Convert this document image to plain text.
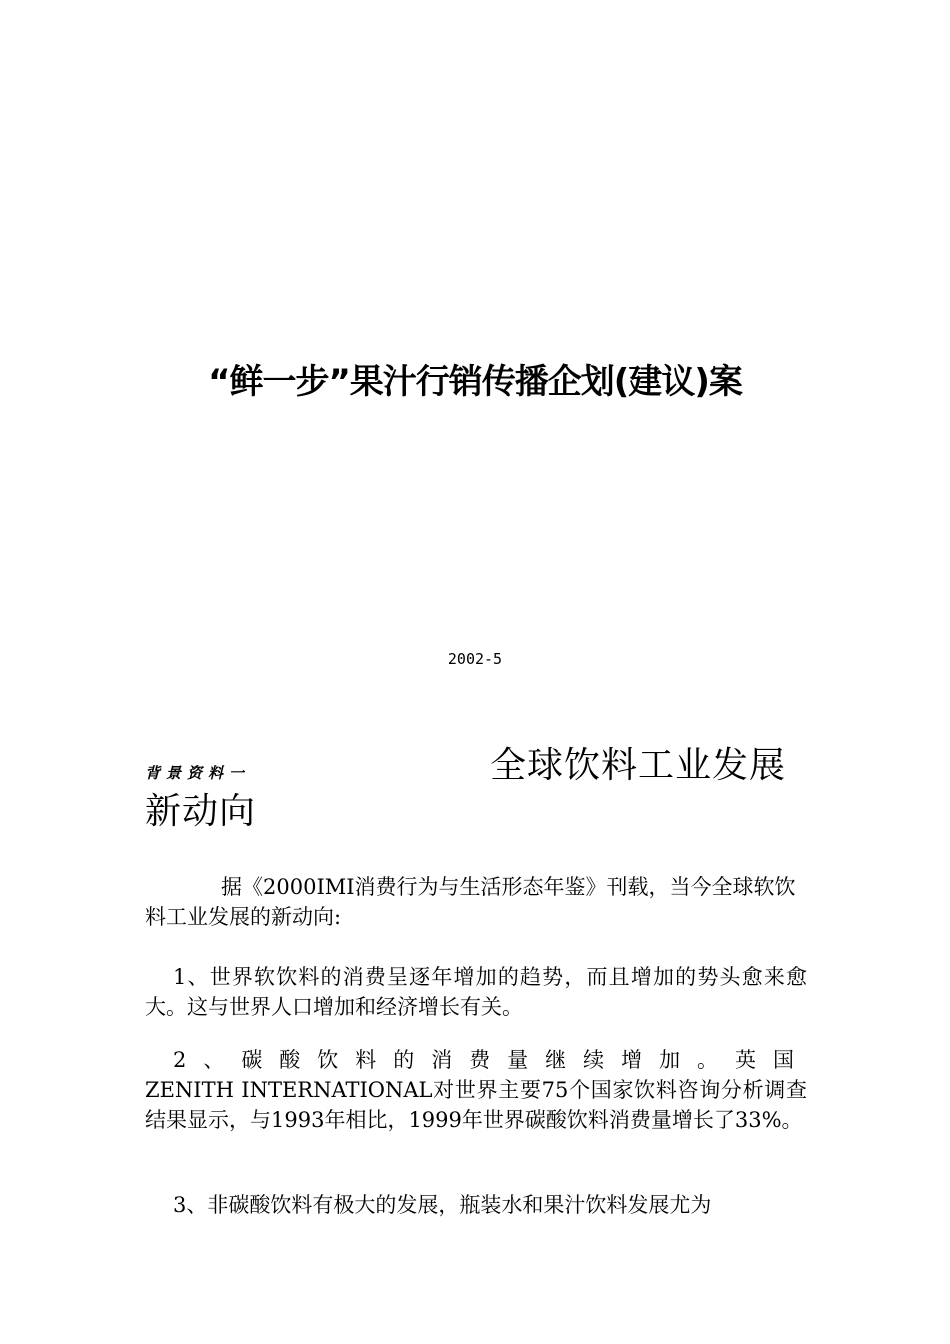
“鲜一步”果汁行销传播企划(建议)案
2002-5
背景资料一	全球饮料工业发展
新动向

据《2000IMI消费行为与生活形态年鉴》刊载，当今全球软饮料工业发展的新动向:

1、世界软饮料的消费呈逐年增加的趋势，而且增加的势头愈来愈大。这与世界人口增加和经济增长有关。

2、碳酸饮料的消费量继续增加。英国 ZENITH INTERNATIONAL对世界主要75个国家饮料咨询分析调查结果显示，与1993年相比，1999年世界碳酸饮料消费量增长了33%。

3、非碳酸饮料有极大的发展，瓶装水和果汁饮料发展尤为
